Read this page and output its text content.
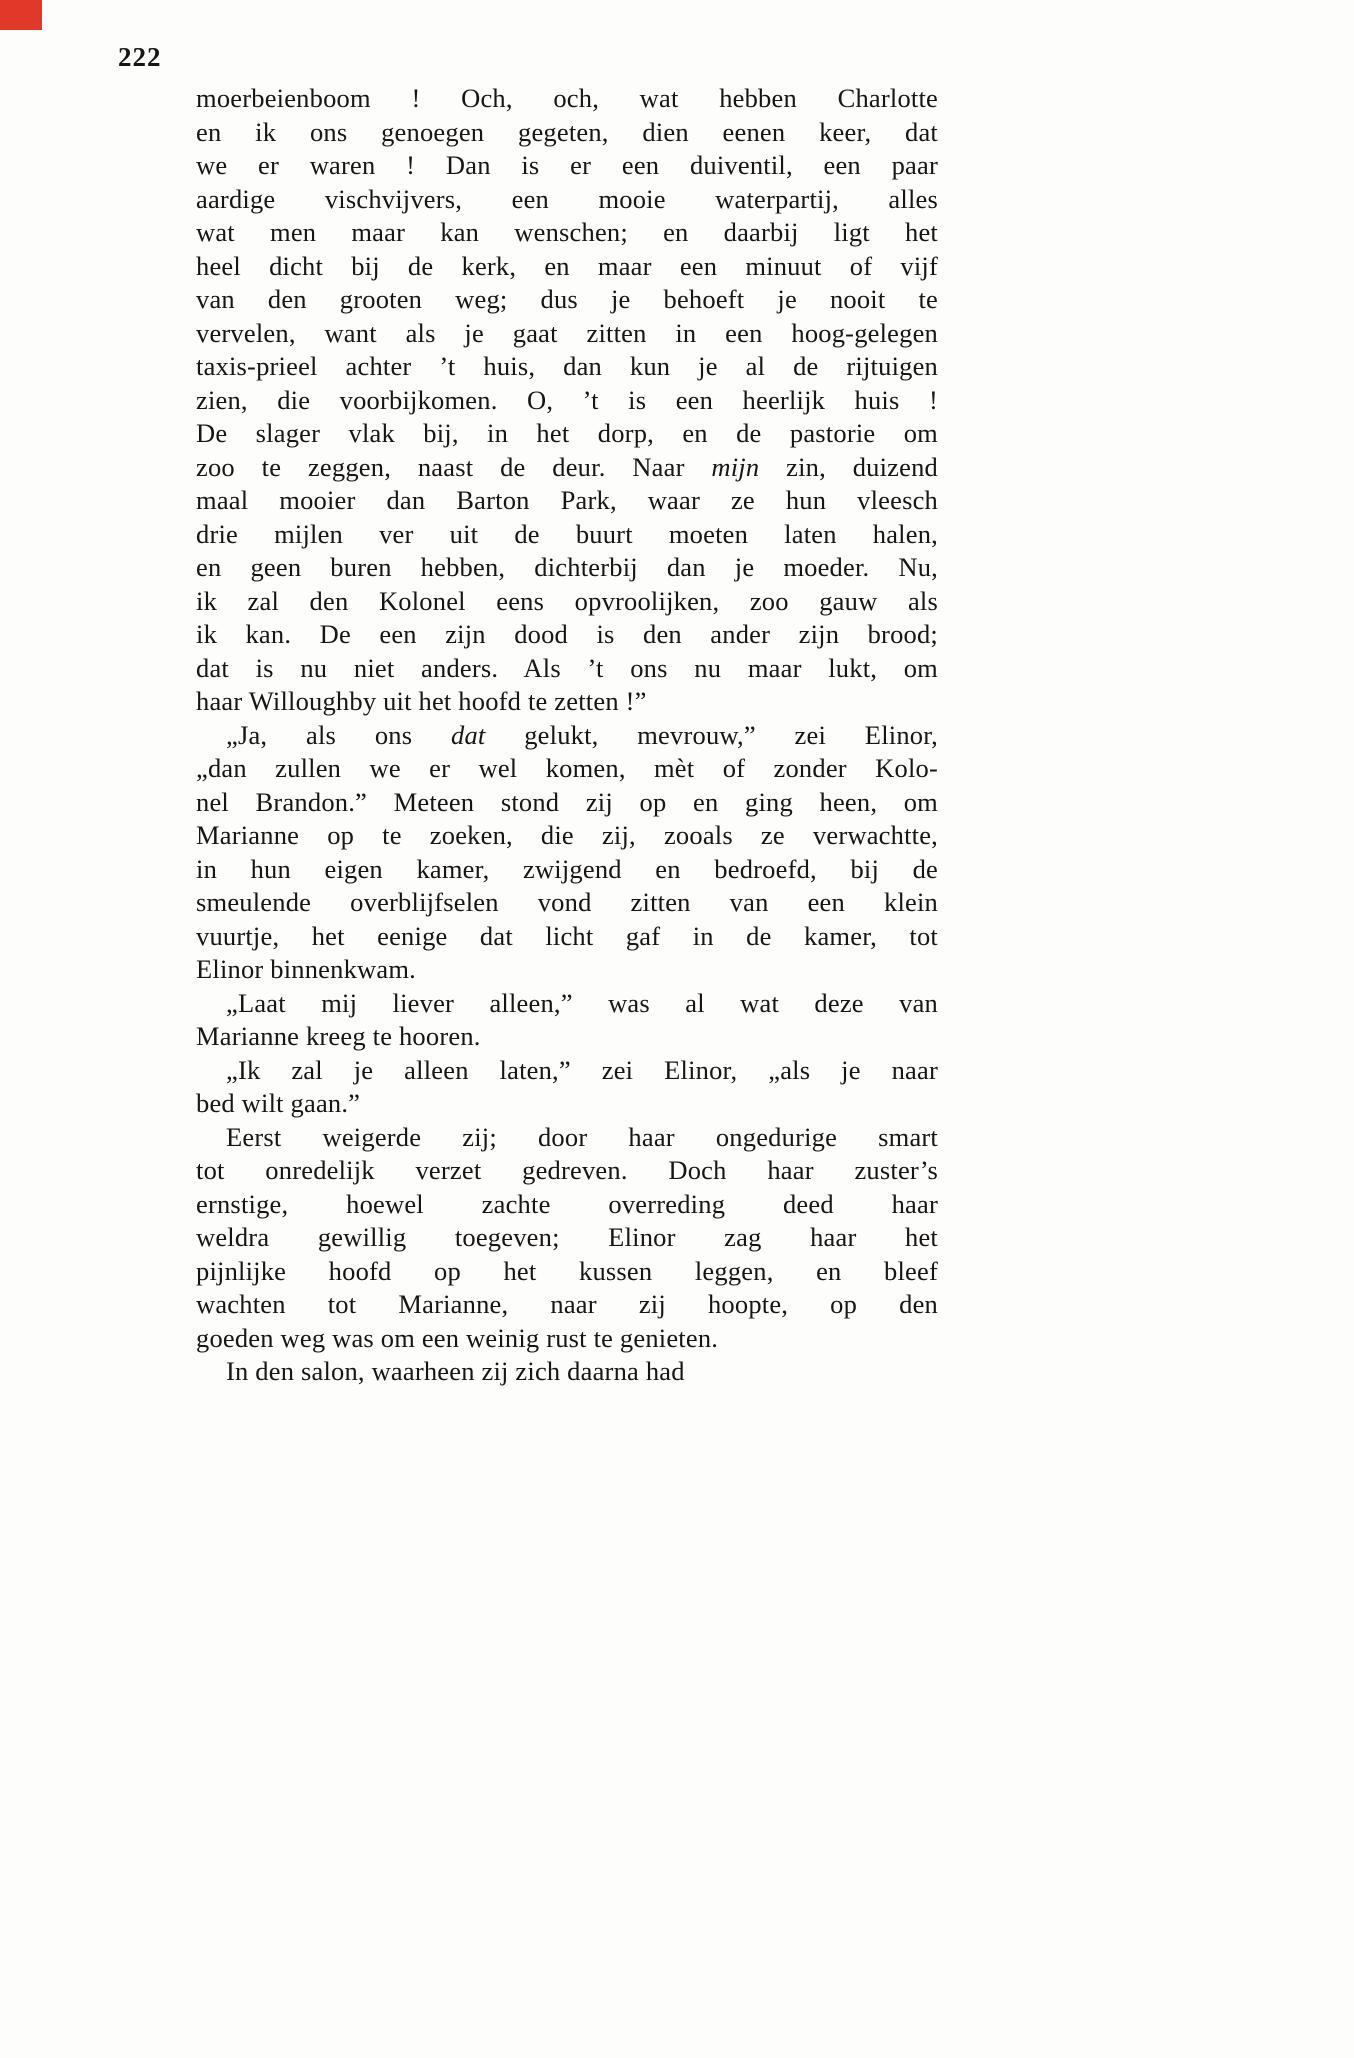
222
moerbeienboom ! Och, och, wat hebben Charlotte
en ik ons genoegen gegeten, dien eenen keer, dat
we er waren ! Dan is er een duiventil, een paar
aardige vischvijvers, een mooie waterpartij, alles
wat men maar kan wenschen; en daarbij ligt het
heel dicht bij de kerk, en maar een minuut of vijf
van den grooten weg; dus je behoeft je nooit te
vervelen, want als je gaat zitten in een hoog-gelegen
taxis-prieel achter ’t huis, dan kun je al de rijtuigen
zien, die voorbijkomen. O, ’t is een heerlijk huis !
De slager vlak bij, in het dorp, en de pastorie om
zoo te zeggen, naast de deur. Naar mijn zin, duizend
maal mooier dan Barton Park, waar ze hun vleesch
drie mijlen ver uit de buurt moeten laten halen,
en geen buren hebben, dichterbij dan je moeder. Nu,
ik zal den Kolonel eens opvroolijken, zoo gauw als
ik kan. De een zijn dood is den ander zijn brood;
dat is nu niet anders. Als ’t ons nu maar lukt, om
haar Willoughby uit het hoofd te zetten !”
„Ja, als ons dat gelukt, mevrouw,” zei Elinor,
„dan zullen we er wel komen, mèt of zonder Kolo-
nel Brandon.” Meteen stond zij op en ging heen, om
Marianne op te zoeken, die zij, zooals ze verwachtte,
in hun eigen kamer, zwijgend en bedroefd, bij de
smeulende overblijfselen vond zitten van een klein
vuurtje, het eenige dat licht gaf in de kamer, tot
Elinor binnenkwam.
„Laat mij liever alleen,” was al wat deze van
Marianne kreeg te hooren.
„Ik zal je alleen laten,” zei Elinor, „als je naar
bed wilt gaan.”
Eerst weigerde zij; door haar ongedurige smart
tot onredelijk verzet gedreven. Doch haar zuster’s
ernstige, hoewel zachte overreding deed haar
weldra gewillig toegeven; Elinor zag haar het
pijnlijke hoofd op het kussen leggen, en bleef
wachten tot Marianne, naar zij hoopte, op den
goeden weg was om een weinig rust te genieten.
In den salon, waarheen zij zich daarna had
